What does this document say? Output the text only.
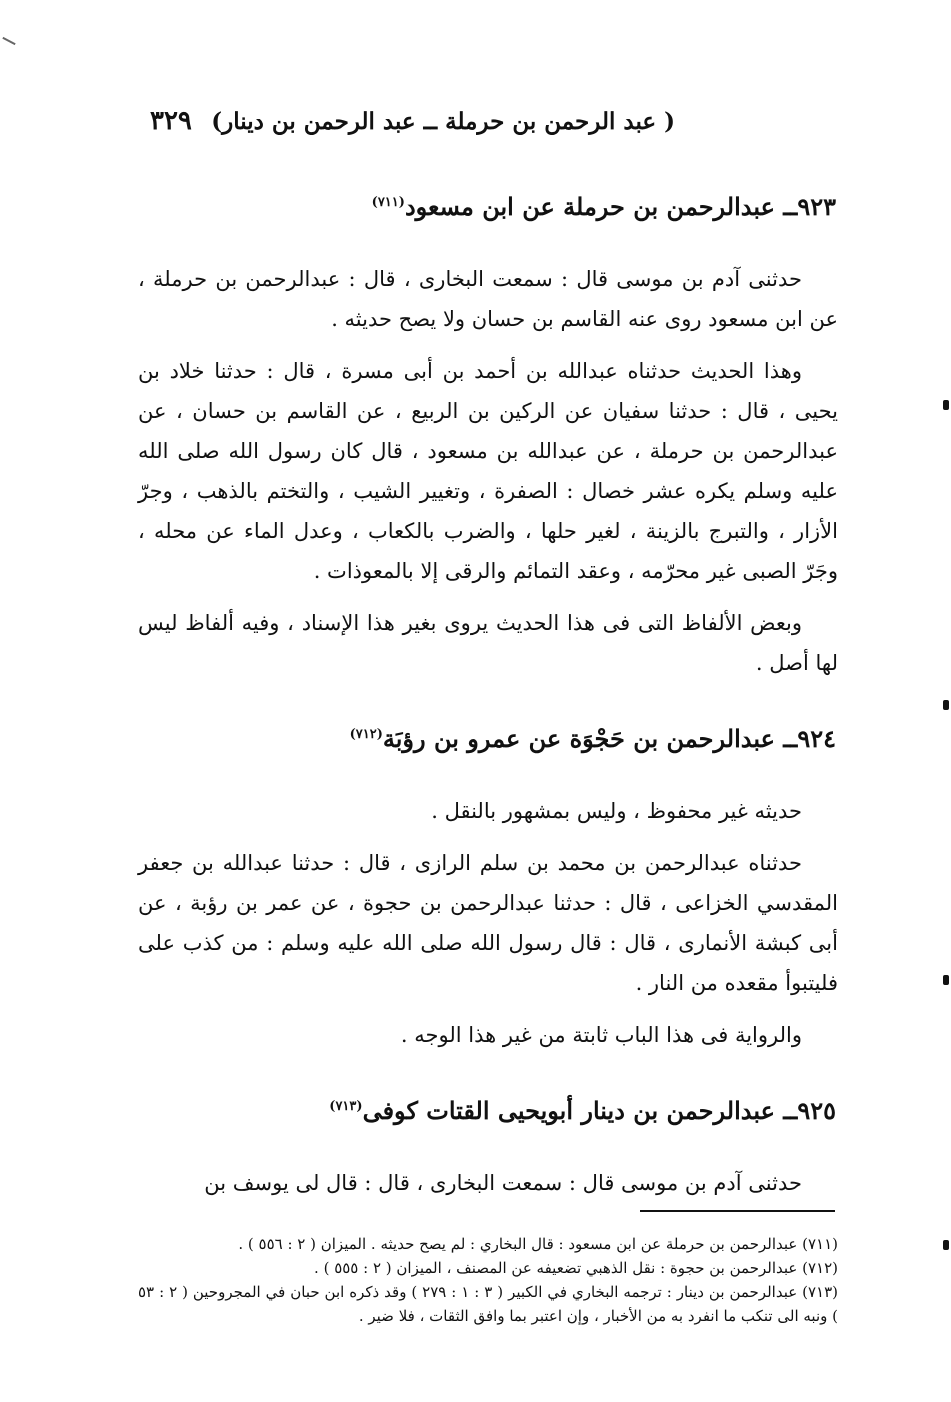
٣٢٩ ( عبد الرحمن بن حرملة ــ عبد الرحمن بن دينار)
٩٢٣ــ عبدالرحمن بن حرملة عن ابن مسعود$^{(٧١١)}$

حدثنى آدم بن موسى قال : سمعت البخارى ، قال : عبدالرحمن بن حرملة ، عن ابن مسعود روى عنه القاسم بن حسان ولا يصح حديثه .

وهذا الحديث حدثناه عبدالله بن أحمد بن أبى مسرة ، قال : حدثنا خلاد بن يحيى ، قال : حدثنا سفيان عن الركين بن الربيع ، عن القاسم بن حسان ، عن عبدالرحمن بن حرملة ، عن عبدالله بن مسعود ، قال كان رسول الله صلى الله عليه وسلم يكره عشر خصال : الصفرة ، وتغيير الشيب ، والتختم بالذهب ، وجرّ الأزار ، والتبرج بالزينة ، لغير حلها ، والضرب بالكعاب ، وعدل الماء عن محله ، وجَرّ الصبى غير محرّمه ، وعقد التمائم والرقى إلا بالمعوذات .

وبعض الألفاظ التى فى هذا الحديث يروى بغير هذا الإسناد ، وفيه ألفاظ ليس لها أصل .

٩٢٤ــ عبدالرحمن بن حَجْوَة عن عمرو بن رؤبَة$^{(٧١٢)}$

حديثه غير محفوظ ، وليس بمشهور بالنقل .

حدثناه عبدالرحمن بن محمد بن سلم الرازى ، قال : حدثنا عبدالله بن جعفر المقدسي الخزاعى ، قال : حدثنا عبدالرحمن بن حجوة ، عن عمر بن رؤبة ، عن أبى كبشة الأنمارى ، قال : قال رسول الله صلى الله عليه وسلم : من كذب على فليتبوأ مقعده من النار .

والرواية فى هذا الباب ثابتة من غير هذا الوجه .

٩٢٥ــ عبدالرحمن بن دينار أبويحيى القتات كوفى$^{(٧١٣)}$

حدثنى آدم بن موسى قال : سمعت البخارى ، قال : قال لى يوسف بن

(٧١١) عبدالرحمن بن حرملة عن ابن مسعود : قال البخاري : لم يصح حديثه . الميزان ( ٢ : ٥٥٦ ) .

(٧١٢) عبدالرحمن بن حجوة : نقل الذهبي تضعيفه عن المصنف ، الميزان ( ٢ : ٥٥٥ ) .

(٧١٣) عبدالرحمن بن دينار : ترجمه البخاري في الكبير ( ٣ : ١ : ٢٧٩ ) وقد ذكره ابن حبان في المجروحين ( ٢ : ٥٣ ) ونبه الى تنكب ما انفرد به من الأخبار ، وإن اعتبر بما وافق الثقات ، فلا ضير .
